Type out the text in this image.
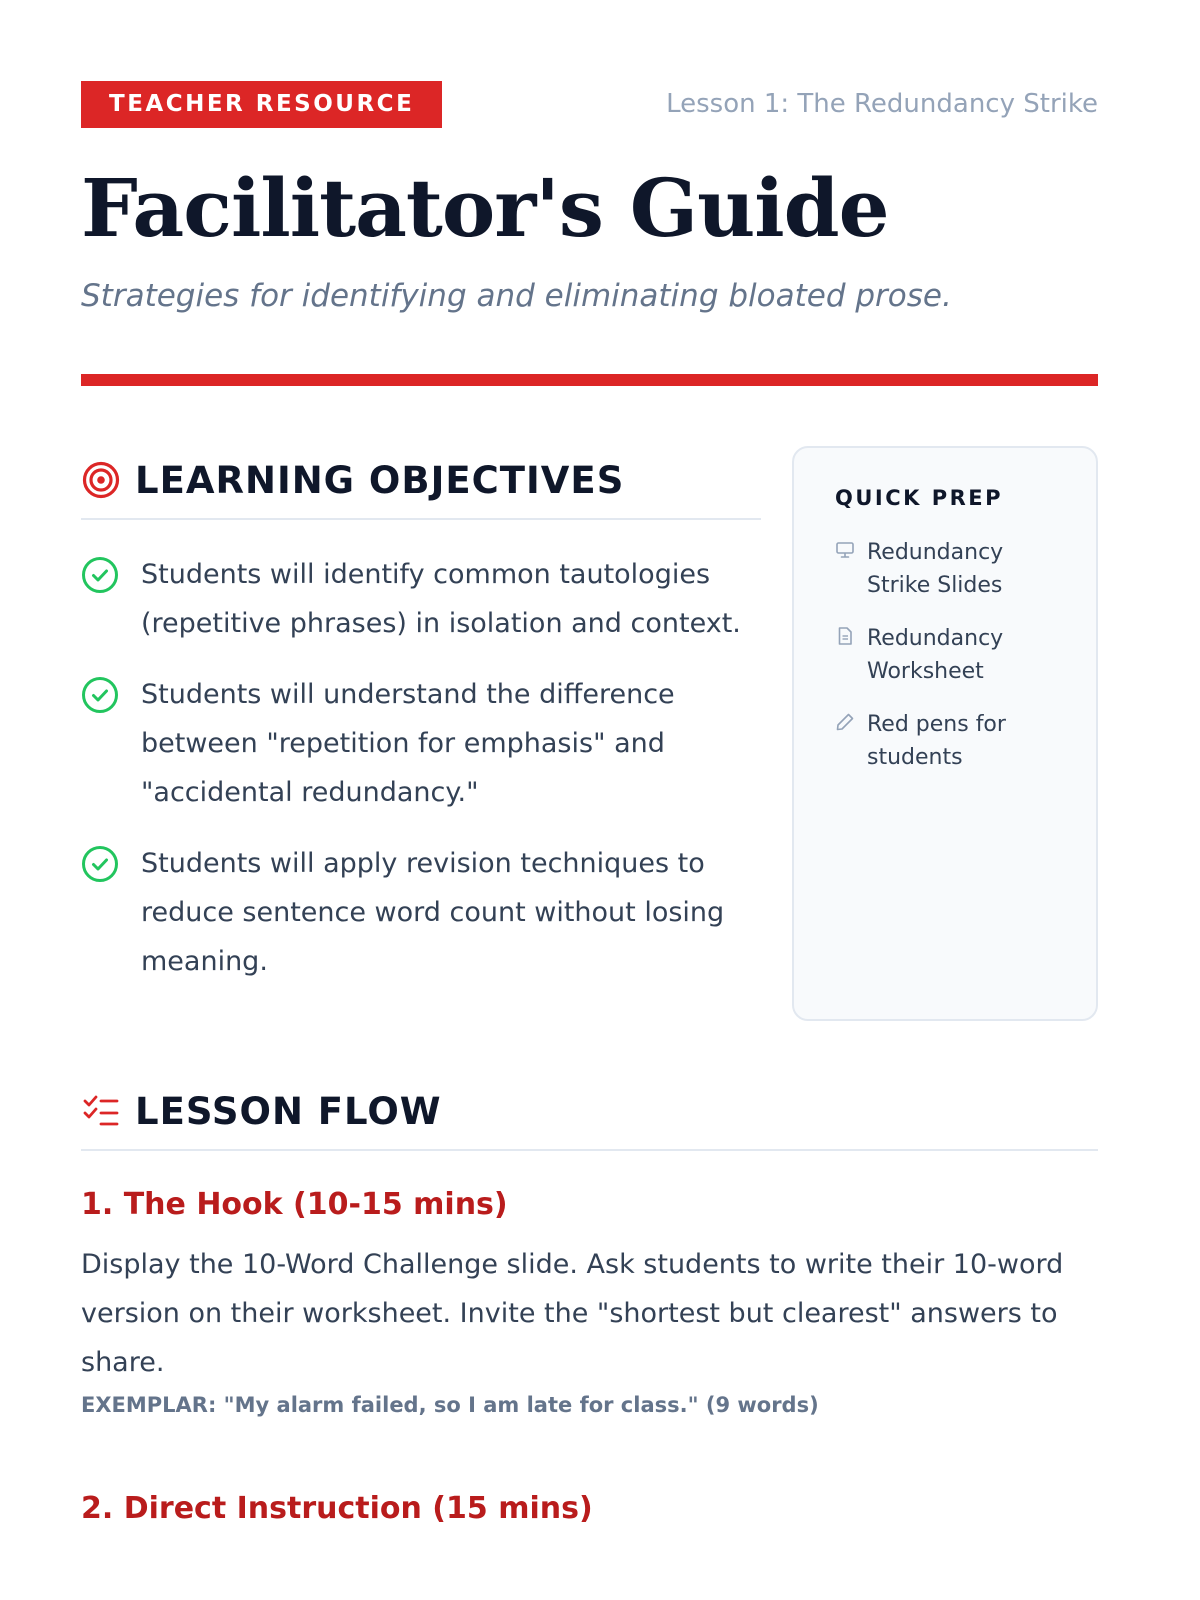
TEACHER RESOURCE	Lesson 1: The Redundancy Strike
Facilitator's Guide
Strategies for identifying and eliminating bloated prose.
LEARNING OBJECTIVES
Students will identify common tautologies (repetitive phrases) in isolation and context.
Students will understand the difference between "repetition for emphasis" and "accidental redundancy."
Students will apply revision techniques to reduce sentence word count without losing meaning.
QUICK PREP
Redundancy Strike Slides
Redundancy Worksheet
Red pens for students
LESSON FLOW
1. The Hook (10-15 mins)
Display the 10-Word Challenge slide. Ask students to write their 10-word version on their worksheet. Invite the "shortest but clearest" answers to share.
EXEMPLAR: "My alarm failed, so I am late for class." (9 words)
2. Direct Instruction (15 mins)
